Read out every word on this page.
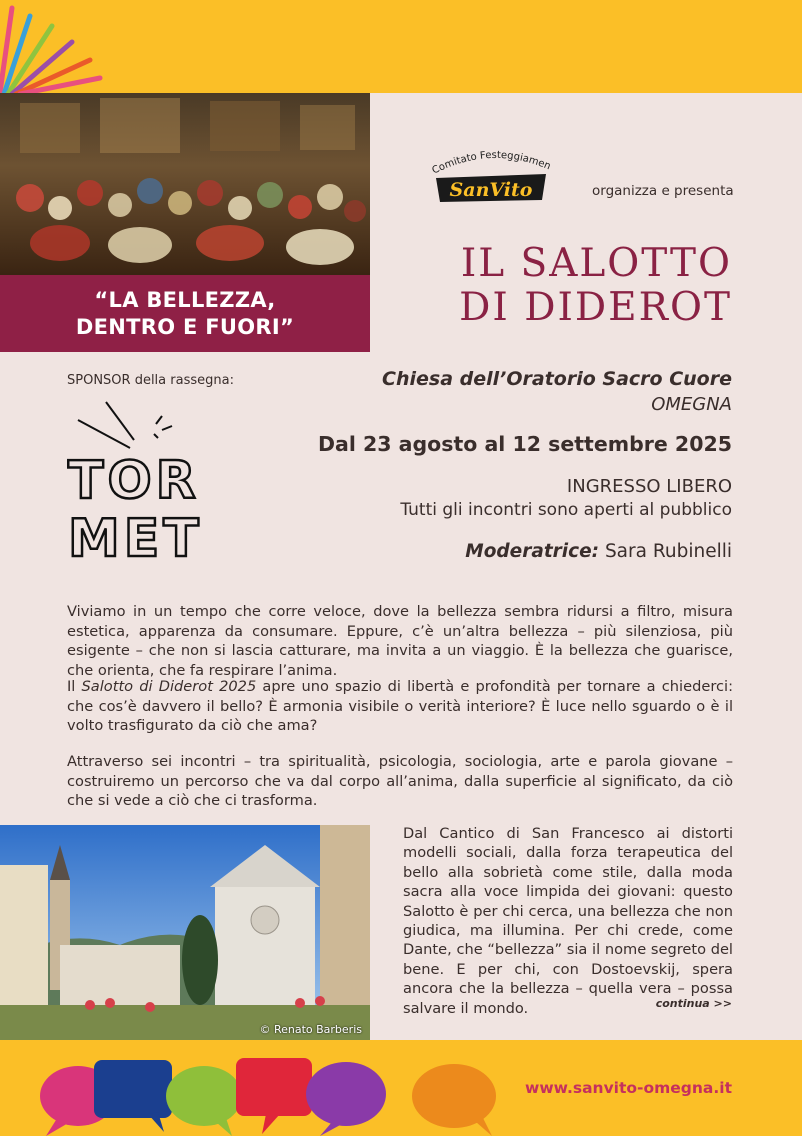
“LA BELLEZZA,
DENTRO E FUORI”
Comitato Festeggiamen
SanVito	organizza e presenta
IL SALOTTO
DI DIDEROT
SPONSOR della rassegna:
TOR
MET
Chiesa dell’Oratorio Sacro Cuore
OMEGNA
Dal 23 agosto al 12 settembre 2025
INGRESSO LIBERO
Tutti gli incontri sono aperti al pubblico
Moderatrice: Sara Rubinelli
Viviamo in un tempo che corre veloce, dove la bellezza sembra ridursi a filtro, misura estetica, apparenza da consumare. Eppure, c’è un’altra bellezza – più silenziosa, più esigente – che non si lascia catturare, ma invita a un viaggio. È la bellezza che guarisce, che orienta, che fa respirare l’anima.
Il Salotto di Diderot 2025 apre uno spazio di libertà e profondità per tornare a chiederci: che cos’è davvero il bello? È armonia visibile o verità interiore? È luce nello sguardo o è il volto trasfigurato da ciò che ama?
Attraverso sei incontri – tra spiritualità, psicologia, sociologia, arte e parola giovane – costruiremo un percorso che va dal corpo all’anima, dalla superficie al significato, da ciò che si vede a ciò che ci trasforma.
© Renato Barberis
Dal Cantico di San Francesco ai distorti modelli sociali, dalla forza terapeutica del bello alla sobrietà come stile, dalla moda sacra alla voce limpida dei giovani: questo Salotto è per chi cerca, una bellezza che non giudica, ma illumina. Per chi crede, come Dante, che “bellezza” sia il nome segreto del bene. E per chi, con Dostoevskij, spera ancora che la bellezza – quella vera – possa salvare il mondo.	continua >>
www.sanvito-omegna.it
